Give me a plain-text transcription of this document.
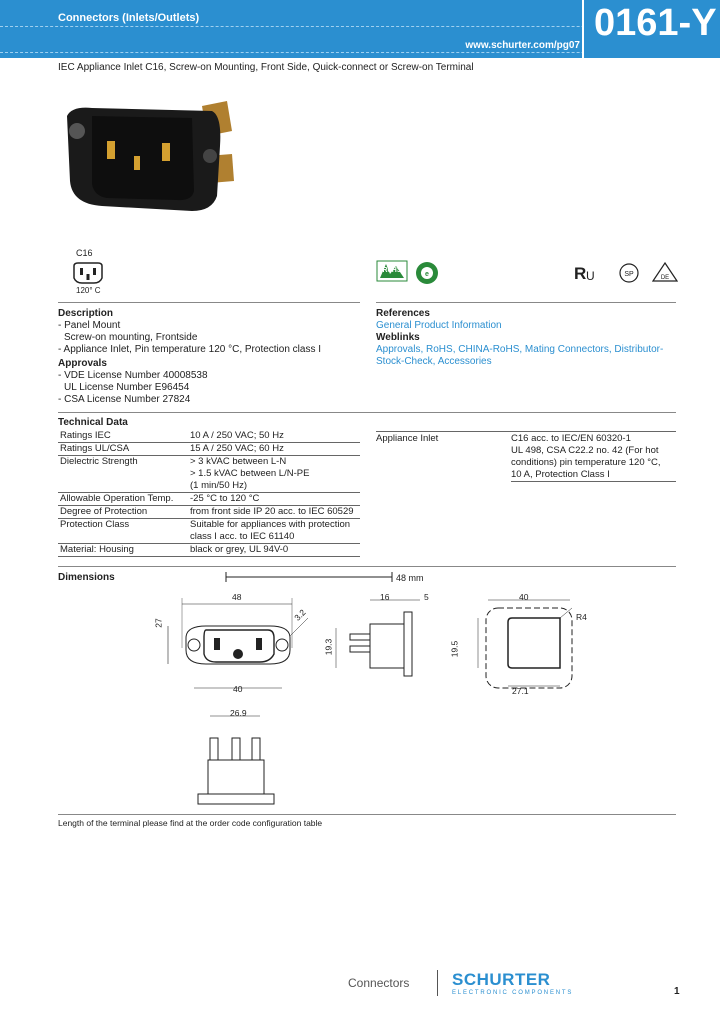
Connectors (Inlets/Outlets)
www.schurter.com/pg07
0161-Y
IEC Appliance Inlet C16, Screw-on Mounting, Front Side, Quick-connect or Screw-on Terminal
C16
120° C
RoHS
e	R U	SP	DE
Description
- Panel Mount
Screw-on mounting, Frontside
- Appliance Inlet, Pin temperature 120 °C, Protection class I
Approvals
- VDE License Number 40008538
UL License Number E96454
- CSA License Number 27824
References
General Product Information
Weblinks
Approvals, RoHS, CHINA-RoHS, Mating Connectors, Distributor-Stock-Check, Accessories
Technical Data
Ratings IEC	10 A / 250 VAC; 50 Hz
Ratings UL/CSA	15 A / 250 VAC; 60 Hz
Dielectric Strength	> 3 kVAC between L-N
> 1.5 kVAC between L/N-PE
(1 min/50 Hz)
Allowable Operation Temp.	-25 °C to 120 °C
Degree of Protection	from front side IP 20 acc. to IEC 60529
Protection Class	Suitable for appliances with protection
class I acc. to IEC 61140
Material: Housing	black or grey, UL 94V-0
Appliance Inlet	C16 acc. to IEC/EN 60320-1
UL 498, CSA C22.2 no. 42 (For hot
conditions) pin temperature 120 °C,
10 A, Protection Class I
Dimensions	48 mm
48
27
40
3.2
16	5
19.3
40
19.5
27.1
R4
26.9
Length of the terminal please find at the order code configuration table
Connectors	SCHURTER
ELECTRONIC COMPONENTS	1
